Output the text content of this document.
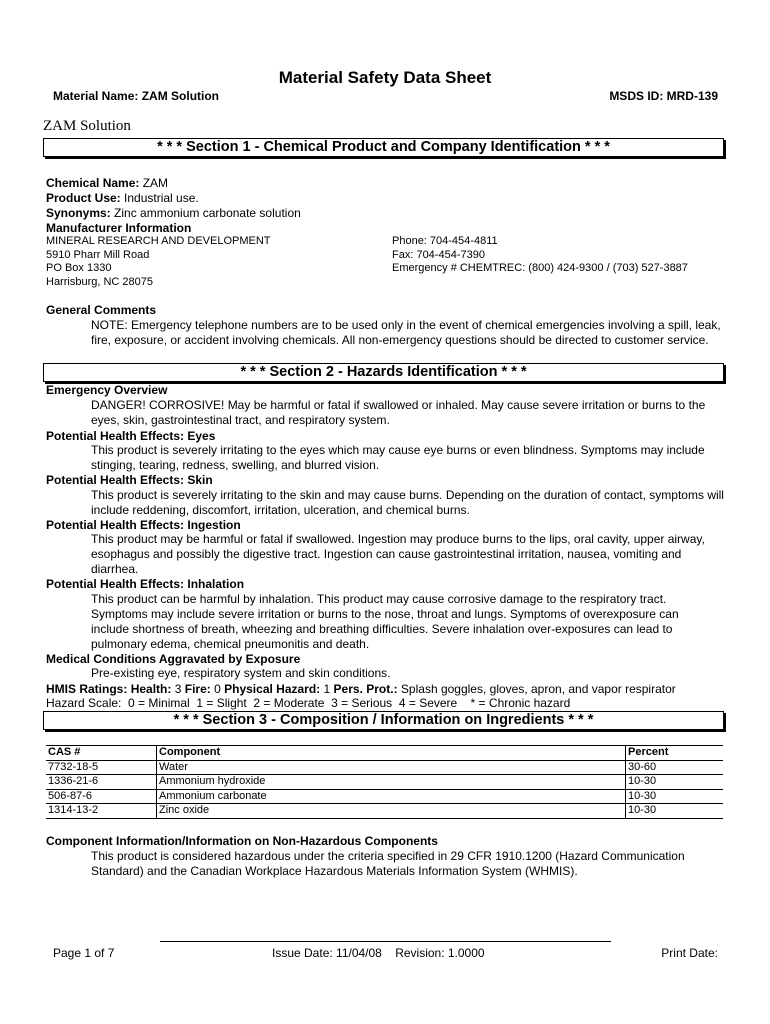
Material Safety Data Sheet
Material Name: ZAM Solution	MSDS ID: MRD-139
ZAM Solution
* * * Section 1 - Chemical Product and Company Identification * * *
Chemical Name: ZAM
Product Use: Industrial use.
Synonyms: Zinc ammonium carbonate solution
Manufacturer Information
MINERAL RESEARCH AND DEVELOPMENT
5910 Pharr Mill Road
PO Box 1330
Harrisburg, NC 28075
Phone: 704-454-4811
Fax: 704-454-7390
Emergency # CHEMTREC: (800) 424-9300 / (703) 527-3887
General Comments
NOTE: Emergency telephone numbers are to be used only in the event of chemical emergencies involving a spill, leak, fire, exposure, or accident involving chemicals. All non-emergency questions should be directed to customer service.
* * * Section 2 - Hazards Identification * * *
Emergency Overview
DANGER! CORROSIVE! May be harmful or fatal if swallowed or inhaled. May cause severe irritation or burns to the eyes, skin, gastrointestinal tract, and respiratory system.
Potential Health Effects: Eyes
This product is severely irritating to the eyes which may cause eye burns or even blindness. Symptoms may include stinging, tearing, redness, swelling, and blurred vision.
Potential Health Effects: Skin
This product is severely irritating to the skin and may cause burns. Depending on the duration of contact, symptoms will include reddening, discomfort, irritation, ulceration, and chemical burns.
Potential Health Effects: Ingestion
This product may be harmful or fatal if swallowed. Ingestion may produce burns to the lips, oral cavity, upper airway, esophagus and possibly the digestive tract. Ingestion can cause gastrointestinal irritation, nausea, vomiting and diarrhea.
Potential Health Effects: Inhalation
This product can be harmful by inhalation. This product may cause corrosive damage to the respiratory tract. Symptoms may include severe irritation or burns to the nose, throat and lungs. Symptoms of overexposure can include shortness of breath, wheezing and breathing difficulties. Severe inhalation over-exposures can lead to pulmonary edema, chemical pneumonitis and death.
Medical Conditions Aggravated by Exposure
Pre-existing eye, respiratory system and skin conditions.
HMIS Ratings: Health: 3 Fire: 0 Physical Hazard: 1 Pers. Prot.: Splash goggles, gloves, apron, and vapor respirator
Hazard Scale:  0 = Minimal  1 = Slight  2 = Moderate  3 = Serious  4 = Severe    * = Chronic hazard
* * * Section 3 - Composition / Information on Ingredients * * *
CAS #	Component	Percent
7732-18-5	Water	30-60
1336-21-6	Ammonium hydroxide	10-30
506-87-6	Ammonium carbonate	10-30
1314-13-2	Zinc oxide	10-30
Component Information/Information on Non-Hazardous Components
This product is considered hazardous under the criteria specified in 29 CFR 1910.1200 (Hazard Communication Standard) and the Canadian Workplace Hazardous Materials Information System (WHMIS).
Page 1 of 7	Issue Date: 11/04/08    Revision: 1.0000	Print Date:
